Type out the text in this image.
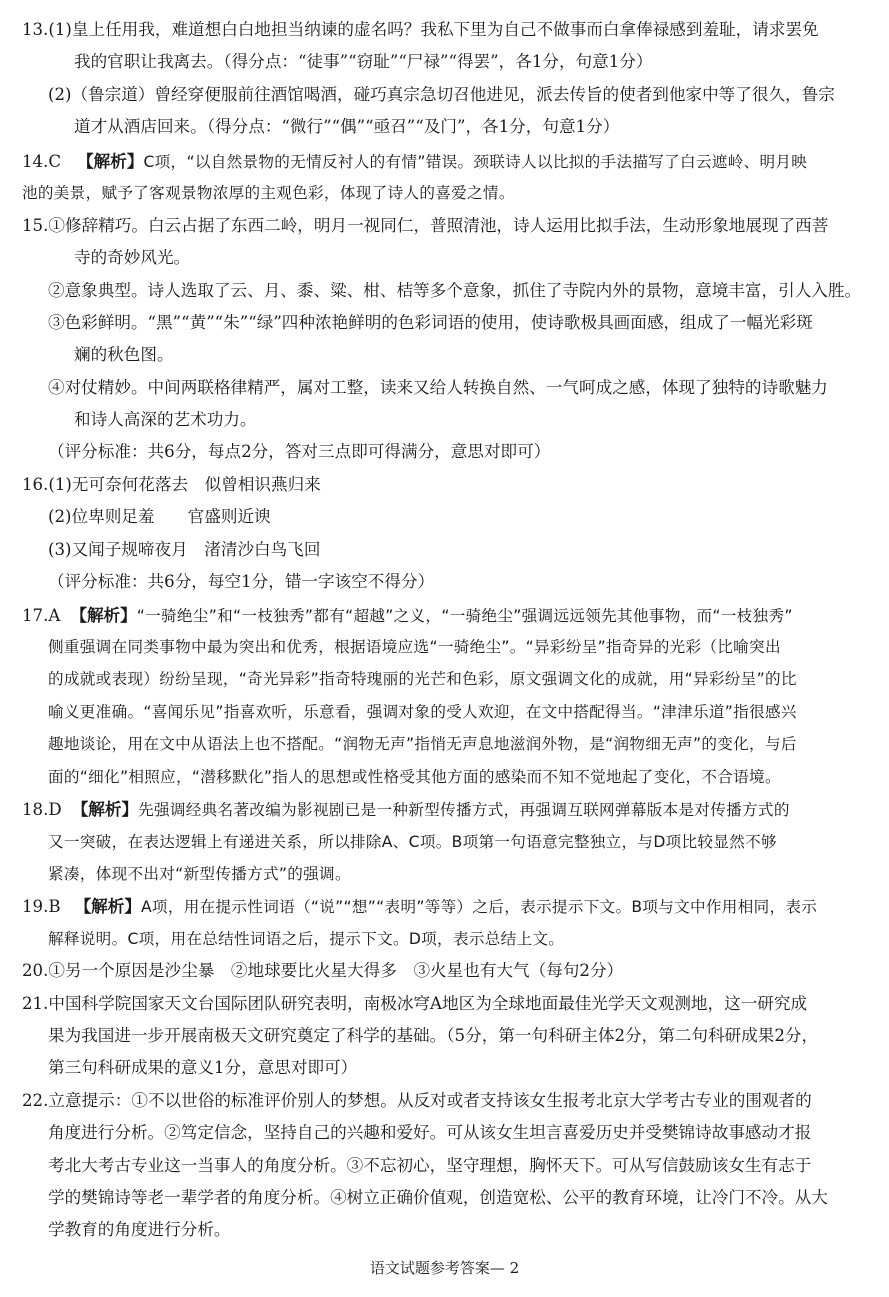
13.(1)皇上任用我，难道想白白地担当纳谏的虚名吗？我私下里为自己不做事而白拿俸禄感到羞耻，请求罢免
我的官职让我离去。（得分点：“徒事”“窃耻”“尸禄”“得罢”，各1分，句意1分）
(2)（鲁宗道）曾经穿便服前往酒馆喝酒，碰巧真宗急切召他进见，派去传旨的使者到他家中等了很久，鲁宗
道才从酒店回来。（得分点：“微行”“偶”“亟召”“及门”，各1分，句意1分）
14.C 【解析】C项，“以自然景物的无情反衬人的有情”错误。颈联诗人以比拟的手法描写了白云遮岭、明月映
池的美景，赋予了客观景物浓厚的主观色彩，体现了诗人的喜爱之情。
15.①修辞精巧。白云占据了东西二岭，明月一视同仁，普照清池，诗人运用比拟手法，生动形象地展现了西菩
寺的奇妙风光。
②意象典型。诗人选取了云、月、黍、粱、柑、桔等多个意象，抓住了寺院内外的景物，意境丰富，引人入胜。
③色彩鲜明。“黑”“黄”“朱”“绿”四种浓艳鲜明的色彩词语的使用，使诗歌极具画面感，组成了一幅光彩斑
斓的秋色图。
④对仗精妙。中间两联格律精严，属对工整，读来又给人转换自然、一气呵成之感，体现了独特的诗歌魅力
和诗人高深的艺术功力。
（评分标准：共6分，每点2分，答对三点即可得满分，意思对即可）
16.(1)无可奈何花落去　似曾相识燕归来
(2)位卑则足羞　　官盛则近谀
(3)又闻子规啼夜月　渚清沙白鸟飞回
（评分标准：共6分，每空1分，错一字该空不得分）
17.A 【解析】“一骑绝尘”和“一枝独秀”都有“超越”之义，“一骑绝尘”强调远远领先其他事物，而“一枝独秀”
侧重强调在同类事物中最为突出和优秀，根据语境应选“一骑绝尘”。“异彩纷呈”指奇异的光彩（比喻突出
的成就或表现）纷纷呈现，“奇光异彩”指奇特瑰丽的光芒和色彩，原文强调文化的成就，用“异彩纷呈”的比
喻义更准确。“喜闻乐见”指喜欢听，乐意看，强调对象的受人欢迎，在文中搭配得当。“津津乐道”指很感兴
趣地谈论，用在文中从语法上也不搭配。“润物无声”指悄无声息地滋润外物，是“润物细无声”的变化，与后
面的“细化”相照应，“潜移默化”指人的思想或性格受其他方面的感染而不知不觉地起了变化，不合语境。
18.D 【解析】先强调经典名著改编为影视剧已是一种新型传播方式，再强调互联网弹幕版本是对传播方式的
又一突破，在表达逻辑上有递进关系，所以排除A、C项。B项第一句语意完整独立，与D项比较显然不够
紧凑，体现不出对“新型传播方式”的强调。
19.B 【解析】A项，用在提示性词语（“说”“想”“表明”等等）之后，表示提示下文。B项与文中作用相同，表示
解释说明。C项，用在总结性词语之后，提示下文。D项，表示总结上文。
20.①另一个原因是沙尘暴　②地球要比火星大得多　③火星也有大气（每句2分）
21.中国科学院国家天文台国际团队研究表明，南极冰穹A地区为全球地面最佳光学天文观测地，这一研究成
果为我国进一步开展南极天文研究奠定了科学的基础。（5分，第一句科研主体2分，第二句科研成果2分，
第三句科研成果的意义1分，意思对即可）
22.立意提示：①不以世俗的标准评价别人的梦想。从反对或者支持该女生报考北京大学考古专业的围观者的
角度进行分析。②笃定信念，坚持自己的兴趣和爱好。可从该女生坦言喜爱历史并受樊锦诗故事感动才报
考北大考古专业这一当事人的角度分析。③不忘初心，坚守理想，胸怀天下。可从写信鼓励该女生有志于
学的樊锦诗等老一辈学者的角度分析。④树立正确价值观，创造宽松、公平的教育环境，让冷门不冷。从大
学教育的角度进行分析。
语文试题参考答案— 2
